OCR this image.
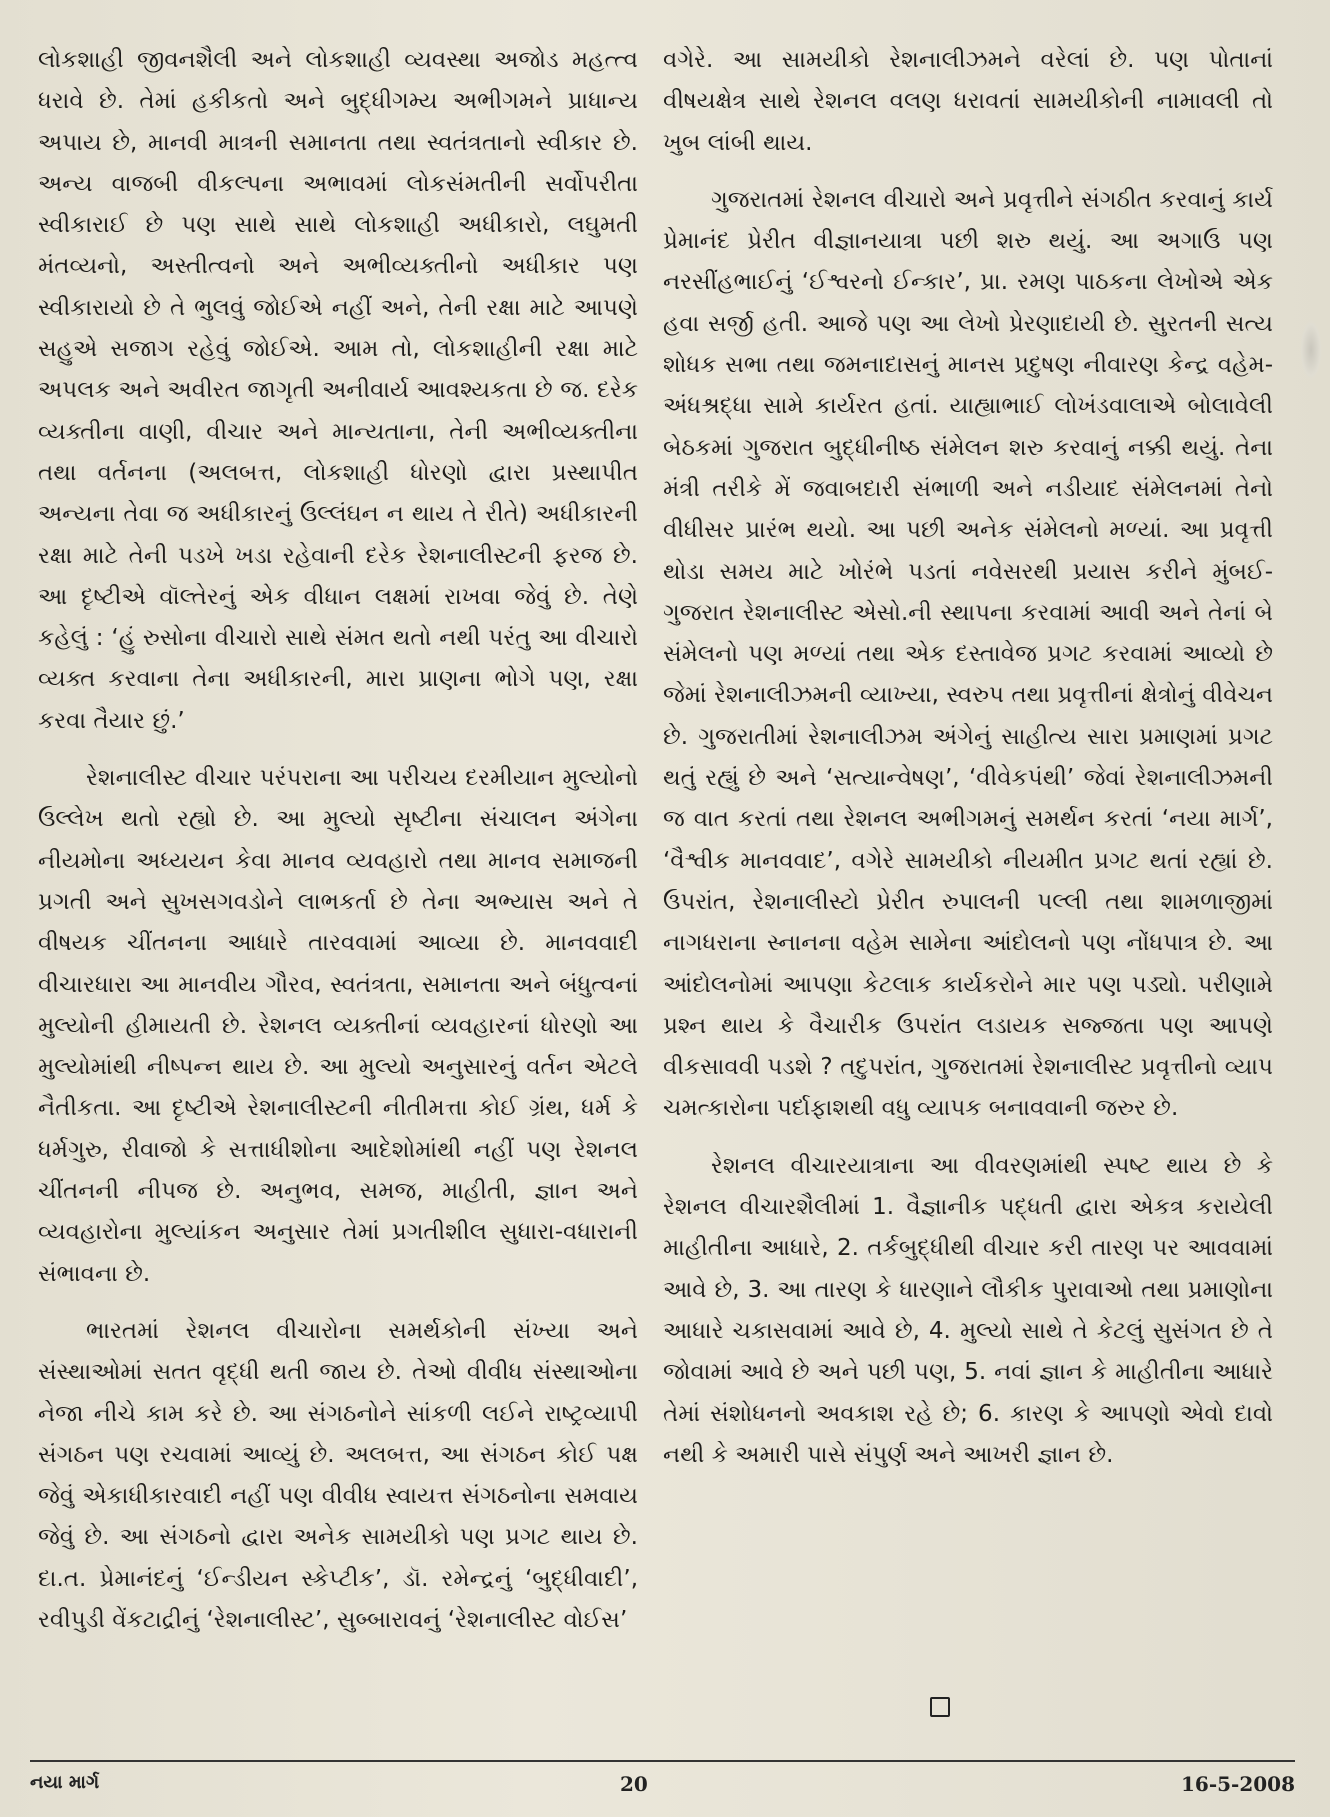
લોકશાહી જીવનશૈલી અને લોકશાહી વ્યવસ્થા અજોડ મહત્ત્વ ધરાવે છે. તેમાં હકીકતો અને બુદ્ધીગમ્ય અભીગમને પ્રાધાન્ય અપાય છે, માનવી માત્રની સમાનતા તથા સ્વતંત્રતાનો સ્વીકાર છે. અન્ય વાજબી વીકલ્પના અભાવમાં લોકસંમતીની સર્વોપરીતા સ્વીકારાઈ છે પણ સાથે સાથે લોકશાહી અધીકારો, લઘુમતી મંતવ્યનો, અસ્તીત્વનો અને અભીવ્યક્તીનો અધીકાર પણ સ્વીકારાયો છે તે ભુલવું જોઈએ નહીં અને, તેની રક્ષા માટે આપણે સહુએ સજાગ રહેવું જોઈએ. આમ તો, લોકશાહીની રક્ષા માટે અપલક અને અવીરત જાગૃતી અનીવાર્ય આવશ્યકતા છે જ. દરેક વ્યક્તીના વાણી, વીચાર અને માન્યતાના, તેની અભીવ્યક્તીના તથા વર્તનના (અલબત્ત, લોકશાહી ધોરણો દ્વારા પ્રસ્થાપીત અન્યના તેવા જ અધીકારનું ઉલ્લંઘન ન થાય તે રીતે) અધીકારની રક્ષા માટે તેની પડખે ખડા રહેવાની દરેક રેશનાલીસ્ટની ફરજ છે. આ દૃષ્ટીએ વૉલ્તેરનું એક વીધાન લક્ષમાં રાખવા જેવું છે. તેણે કહેલું : ‘હું રુસોના વીચારો સાથે સંમત થતો નથી પરંતુ આ વીચારો વ્યક્ત કરવાના તેના અધીકારની, મારા પ્રાણના ભોગે પણ, રક્ષા કરવા તૈયાર છું.’

રેશનાલીસ્ટ વીચાર પરંપરાના આ પરીચય દરમીયાન મુલ્યોનો ઉલ્લેખ થતો રહ્યો છે. આ મુલ્યો સૃષ્ટીના સંચાલન અંગેના નીયમોના અધ્યયન કેવા માનવ વ્યવહારો તથા માનવ સમાજની પ્રગતી અને સુખસગવડોને લાભકર્તા છે તેના અભ્યાસ અને તે વીષયક ચીંતનના આધારે તારવવામાં આવ્યા છે. માનવવાદી વીચારધારા આ માનવીય ગૌરવ, સ્વતંત્રતા, સમાનતા અને બંધુત્વનાં મુલ્યોની હીમાયતી છે. રેશનલ વ્યક્તીનાં વ્યવહારનાં ધોરણો આ મુલ્યોમાંથી નીષ્પન્ન થાય છે. આ મુલ્યો અનુસારનું વર્તન એટલે નૈતીકતા. આ દૃષ્ટીએ રેશનાલીસ્ટની નીતીમત્તા કોઈ ગ્રંથ, ધર્મ કે ધર્મગુરુ, રીવાજો કે સત્તાધીશોના આદેશોમાંથી નહીં પણ રેશનલ ચીંતનની નીપજ છે. અનુભવ, સમજ, માહીતી, જ્ઞાન અને વ્યવહારોના મુલ્યાંકન અનુસાર તેમાં પ્રગતીશીલ સુધારા-વધારાની સંભાવના છે.

ભારતમાં રેશનલ વીચારોના સમર્થકોની સંખ્યા અને સંસ્થાઓમાં સતત વૃદ્ધી થતી જાય છે. તેઓ વીવીધ સંસ્થાઓના નેજા નીચે કામ કરે છે. આ સંગઠનોને સાંકળી લઈને રાષ્ટ્રવ્યાપી સંગઠન પણ રચવામાં આવ્યું છે. અલબત્ત, આ સંગઠન કોઈ પક્ષ જેવું એકાધીકારવાદી નહીં પણ વીવીધ સ્વાયત્ત સંગઠનોના સમવાય જેવું છે. આ સંગઠનો દ્વારા અનેક સામયીકો પણ પ્રગટ થાય છે. દા.ત. પ્રેમાનંદનું ‘ઈન્ડીયન સ્કેપ્ટીક’, ડૉ. રમેન્દ્રનું ‘બુદ્ધીવાદી’, રવીપુડી વેંકટાદ્રીનું ‘રેશનાલીસ્ટ’, સુબ્બારાવનું ‘રેશનાલીસ્ટ વોઈસ’

વગેરે. આ સામયીકો રેશનાલીઝમને વરેલાં છે. પણ પોતાનાં વીષયક્ષેત્ર સાથે રેશનલ વલણ ધરાવતાં સામયીકોની નામાવલી તો ખુબ લાંબી થાય.

ગુજરાતમાં રેશનલ વીચારો અને પ્રવૃત્તીને સંગઠીત કરવાનું કાર્ય પ્રેમાનંદ પ્રેરીત વીજ્ઞાનયાત્રા પછી શરુ થયું. આ અગાઉ પણ નરસીંહભાઈનું ‘ઈશ્વરનો ઈન્કાર’, પ્રા. રમણ પાઠકના લેખોએ એક હવા સર્જી હતી. આજે પણ આ લેખો પ્રેરણાદાયી છે. સુરતની સત્ય શોધક સભા તથા જમનાદાસનું માનસ પ્રદુષણ નીવારણ કેન્દ્ર વહેમ-અંધશ્રદ્ધા સામે કાર્યરત હતાં. યાહ્યાભાઈ લોખંડવાલાએ બોલાવેલી બેઠકમાં ગુજરાત બુદ્ધીનીષ્ઠ સંમેલન શરુ કરવાનું નક્કી થયું. તેના મંત્રી તરીકે મેં જવાબદારી સંભાળી અને નડીયાદ સંમેલનમાં તેનો વીધીસર પ્રારંભ થયો. આ પછી અનેક સંમેલનો મળ્યાં. આ પ્રવૃત્તી થોડા સમય માટે ખોરંભે પડતાં નવેસરથી પ્રયાસ કરીને મુંબઈ-ગુજરાત રેશનાલીસ્ટ એસો.ની સ્થાપના કરવામાં આવી અને તેનાં બે સંમેલનો પણ મળ્યાં તથા એક દસ્તાવેજ પ્રગટ કરવામાં આવ્યો છે જેમાં રેશનાલીઝમની વ્યાખ્યા, સ્વરુપ તથા પ્રવૃત્તીનાં ક્ષેત્રોનું વીવેચન છે. ગુજરાતીમાં રેશનાલીઝમ અંગેનું સાહીત્ય સારા પ્રમાણમાં પ્રગટ થતું રહ્યું છે અને ‘સત્યાન્વેષણ’, ‘વીવેકપંથી’ જેવાં રેશનાલીઝમની જ વાત કરતાં તથા રેશનલ અભીગમનું સમર્થન કરતાં ‘નયા માર્ગ’, ‘વૈશ્વીક માનવવાદ’, વગેરે સામયીકો નીયમીત પ્રગટ થતાં રહ્યાં છે. ઉપરાંત, રેશનાલીસ્ટો પ્રેરીત રુપાલની પલ્લી તથા શામળાજીમાં નાગધરાના સ્નાનના વહેમ સામેના આંદોલનો પણ નોંધપાત્ર છે. આ આંદોલનોમાં આપણા કેટલાક કાર્યકરોને માર પણ પડ્યો. પરીણામે પ્રશ્ન થાય કે વૈચારીક ઉપરાંત લડાયક સજ્જતા પણ આપણે વીકસાવવી પડશે ? તદુપરાંત, ગુજરાતમાં રેશનાલીસ્ટ પ્રવૃત્તીનો વ્યાપ ચમત્કારોના પર્દાફાશથી વધુ વ્યાપક બનાવવાની જરુર છે.

રેશનલ વીચારયાત્રાના આ વીવરણમાંથી સ્પષ્ટ થાય છે કે રેશનલ વીચારશૈલીમાં 1. વૈજ્ઞાનીક પદ્ધતી દ્વારા એકત્ર કરાયેલી માહીતીના આધારે, 2. તર્કબુદ્ધીથી વીચાર કરી તારણ પર આવવામાં આવે છે, 3. આ તારણ કે ધારણાને લૌકીક પુરાવાઓ તથા પ્રમાણોના આધારે ચકાસવામાં આવે છે, 4. મુલ્યો સાથે તે કેટલું સુસંગત છે તે જોવામાં આવે છે અને પછી પણ, 5. નવાં જ્ઞાન કે માહીતીના આધારે તેમાં સંશોધનનો અવકાશ રહે છે; 6. કારણ કે આપણો એવો દાવો નથી કે અમારી પાસે સંપુર્ણ અને આખરી જ્ઞાન છે.

નયા માર્ગ	20	16-5-2008
